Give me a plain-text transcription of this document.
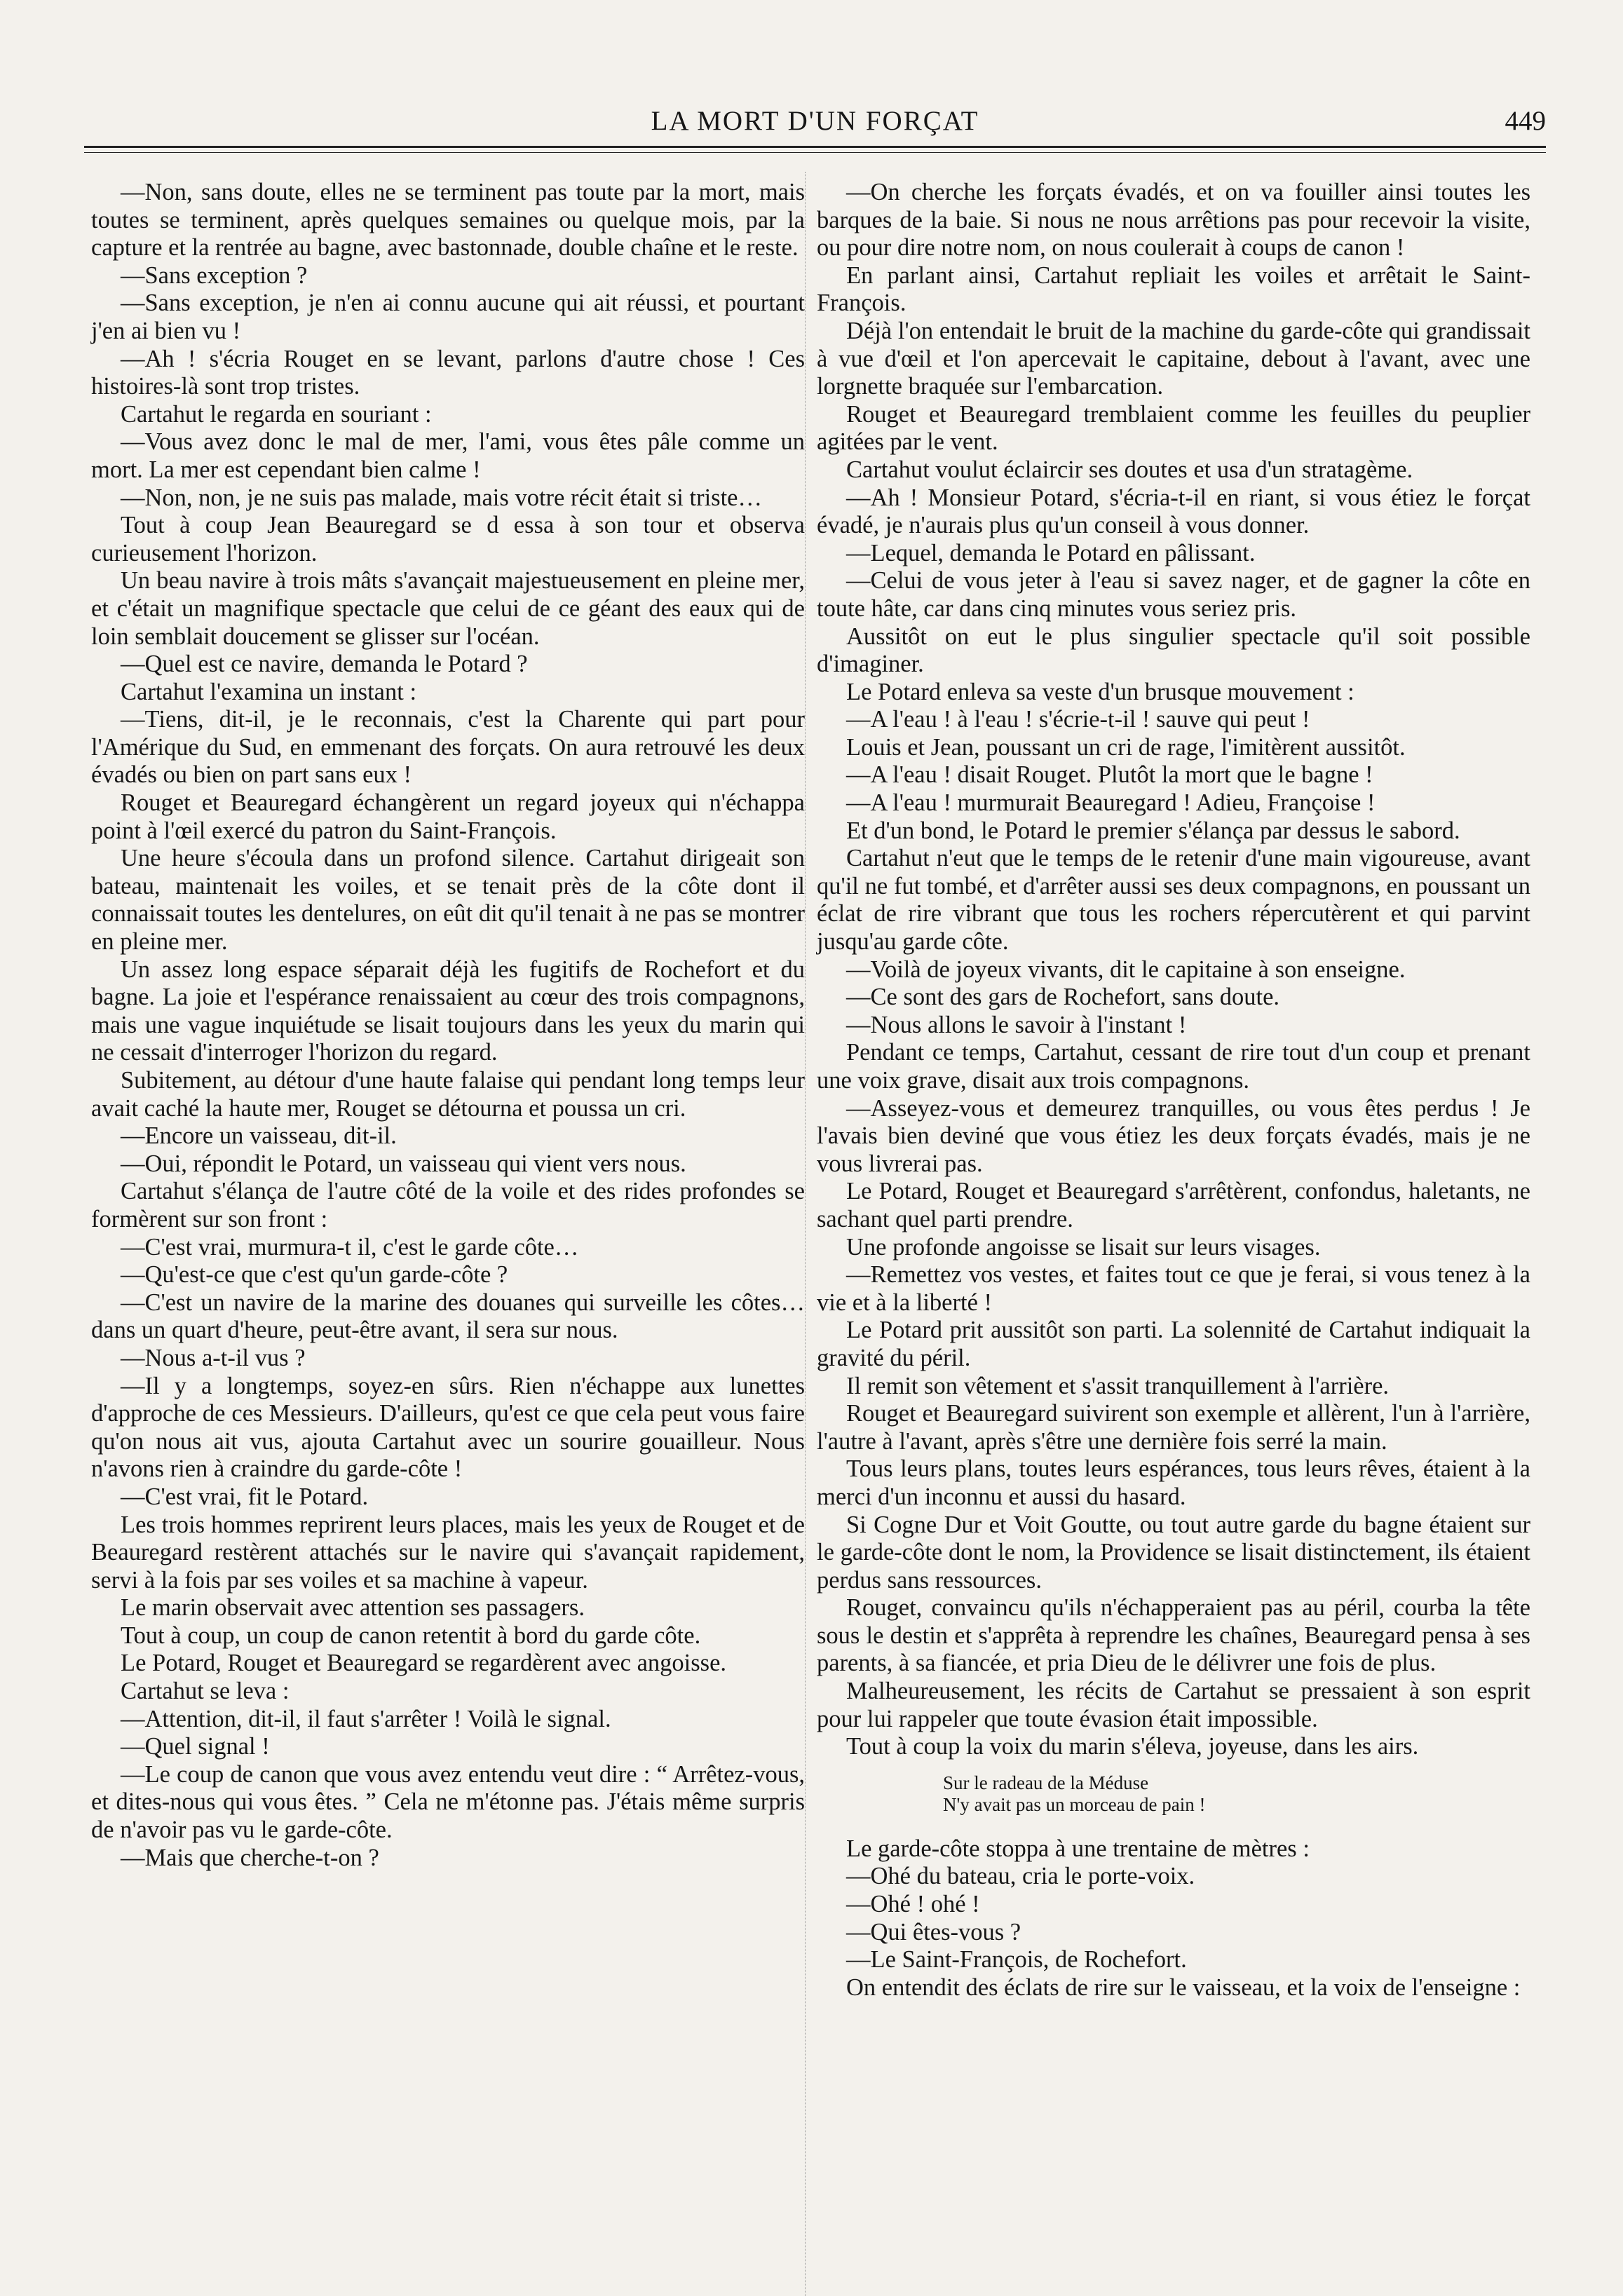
LA MORT D'UN FORÇAT	449

—Non, sans doute, elles ne se terminent pas toute par la mort, mais toutes se terminent, après quelques semaines ou quelque mois, par la capture et la rentrée au bagne, avec bastonnade, double chaîne et le reste.

—Sans exception ?

—Sans exception, je n'en ai connu aucune qui ait réussi, et pourtant j'en ai bien vu !

—Ah ! s'écria Rouget en se levant, parlons d'autre chose ! Ces histoires-là sont trop tristes.

Cartahut le regarda en souriant :

—Vous avez donc le mal de mer, l'ami, vous êtes pâle comme un mort. La mer est cependant bien calme !

—Non, non, je ne suis pas malade, mais votre récit était si triste…

Tout à coup Jean Beauregard se d essa à son tour et observa curieusement l'horizon.

Un beau navire à trois mâts s'avançait majestueusement en pleine mer, et c'était un magnifique spectacle que celui de ce géant des eaux qui de loin semblait doucement se glisser sur l'océan.

—Quel est ce navire, demanda le Potard ?

Cartahut l'examina un instant :

—Tiens, dit-il, je le reconnais, c'est la Charente qui part pour l'Amérique du Sud, en emmenant des forçats. On aura retrouvé les deux évadés ou bien on part sans eux !

Rouget et Beauregard échangèrent un regard joyeux qui n'échappa point à l'œil exercé du patron du Saint-François.

Une heure s'écoula dans un profond silence. Cartahut dirigeait son bateau, maintenait les voiles, et se tenait près de la côte dont il connaissait toutes les dentelures, on eût dit qu'il tenait à ne pas se montrer en pleine mer.

Un assez long espace séparait déjà les fugitifs de Rochefort et du bagne. La joie et l'espérance renaissaient au cœur des trois compagnons, mais une vague inquiétude se lisait toujours dans les yeux du marin qui ne cessait d'interroger l'horizon du regard.

Subitement, au détour d'une haute falaise qui pendant long temps leur avait caché la haute mer, Rouget se détourna et poussa un cri.

—Encore un vaisseau, dit-il.

—Oui, répondit le Potard, un vaisseau qui vient vers nous.

Cartahut s'élança de l'autre côté de la voile et des rides profondes se formèrent sur son front :

—C'est vrai, murmura-t il, c'est le garde côte…

—Qu'est-ce que c'est qu'un garde-côte ?

—C'est un navire de la marine des douanes qui surveille les côtes…dans un quart d'heure, peut-être avant, il sera sur nous.

—Nous a-t-il vus ?

—Il y a longtemps, soyez-en sûrs. Rien n'échappe aux lunettes d'approche de ces Messieurs. D'ailleurs, qu'est ce que cela peut vous faire qu'on nous ait vus, ajouta Cartahut avec un sourire gouailleur. Nous n'avons rien à craindre du garde-côte !

—C'est vrai, fit le Potard.

Les trois hommes reprirent leurs places, mais les yeux de Rouget et de Beauregard restèrent attachés sur le navire qui s'avançait rapidement, servi à la fois par ses voiles et sa machine à vapeur.

Le marin observait avec attention ses passagers.

Tout à coup, un coup de canon retentit à bord du garde côte.

Le Potard, Rouget et Beauregard se regardèrent avec angoisse.

Cartahut se leva :

—Attention, dit-il, il faut s'arrêter ! Voilà le signal.

—Quel signal !

—Le coup de canon que vous avez entendu veut dire : “ Arrêtez-vous, et dites-nous qui vous êtes. ” Cela ne m'étonne pas. J'étais même surpris de n'avoir pas vu le garde-côte.

—Mais que cherche-t-on ?

—On cherche les forçats évadés, et on va fouiller ainsi toutes les barques de la baie. Si nous ne nous arrêtions pas pour recevoir la visite, ou pour dire notre nom, on nous coulerait à coups de canon !

En parlant ainsi, Cartahut repliait les voiles et arrêtait le Saint-François.

Déjà l'on entendait le bruit de la machine du garde-côte qui grandissait à vue d'œil et l'on apercevait le capitaine, debout à l'avant, avec une lorgnette braquée sur l'embarcation.

Rouget et Beauregard tremblaient comme les feuilles du peuplier agitées par le vent.

Cartahut voulut éclaircir ses doutes et usa d'un stratagème.

—Ah ! Monsieur Potard, s'écria-t-il en riant, si vous étiez le forçat évadé, je n'aurais plus qu'un conseil à vous donner.

—Lequel, demanda le Potard en pâlissant.

—Celui de vous jeter à l'eau si savez nager, et de gagner la côte en toute hâte, car dans cinq minutes vous seriez pris.

Aussitôt on eut le plus singulier spectacle qu'il soit possible d'imaginer.

Le Potard enleva sa veste d'un brusque mouvement :

—A l'eau ! à l'eau ! s'écrie-t-il ! sauve qui peut !

Louis et Jean, poussant un cri de rage, l'imitèrent aussitôt.

—A l'eau ! disait Rouget. Plutôt la mort que le bagne !

—A l'eau ! murmurait Beauregard ! Adieu, Françoise !

Et d'un bond, le Potard le premier s'élança par dessus le sabord.

Cartahut n'eut que le temps de le retenir d'une main vigoureuse, avant qu'il ne fut tombé, et d'arrêter aussi ses deux compagnons, en poussant un éclat de rire vibrant que tous les rochers répercutèrent et qui parvint jusqu'au garde côte.

—Voilà de joyeux vivants, dit le capitaine à son enseigne.

—Ce sont des gars de Rochefort, sans doute.

—Nous allons le savoir à l'instant !

Pendant ce temps, Cartahut, cessant de rire tout d'un coup et prenant une voix grave, disait aux trois compagnons.

—Asseyez-vous et demeurez tranquilles, ou vous êtes perdus ! Je l'avais bien deviné que vous étiez les deux forçats évadés, mais je ne vous livrerai pas.

Le Potard, Rouget et Beauregard s'arrêtèrent, confondus, haletants, ne sachant quel parti prendre.

Une profonde angoisse se lisait sur leurs visages.

—Remettez vos vestes, et faites tout ce que je ferai, si vous tenez à la vie et à la liberté !

Le Potard prit aussitôt son parti. La solennité de Cartahut indiquait la gravité du péril.

Il remit son vêtement et s'assit tranquillement à l'arrière.

Rouget et Beauregard suivirent son exemple et allèrent, l'un à l'arrière, l'autre à l'avant, après s'être une dernière fois serré la main.

Tous leurs plans, toutes leurs espérances, tous leurs rêves, étaient à la merci d'un inconnu et aussi du hasard.

Si Cogne Dur et Voit Goutte, ou tout autre garde du bagne étaient sur le garde-côte dont le nom, la Providence se lisait distinctement, ils étaient perdus sans ressources.

Rouget, convaincu qu'ils n'échapperaient pas au péril, courba la tête sous le destin et s'apprêta à reprendre les chaînes, Beauregard pensa à ses parents, à sa fiancée, et pria Dieu de le délivrer une fois de plus.

Malheureusement, les récits de Cartahut se pressaient à son esprit pour lui rappeler que toute évasion était impossible.

Tout à coup la voix du marin s'éleva, joyeuse, dans les airs.

Sur le radeau de la Méduse

N'y avait pas un morceau de pain !

Le garde-côte stoppa à une trentaine de mètres :

—Ohé du bateau, cria le porte-voix.

—Ohé ! ohé !

—Qui êtes-vous ?

—Le Saint-François, de Rochefort.

On entendit des éclats de rire sur le vaisseau, et la voix de l'enseigne :
